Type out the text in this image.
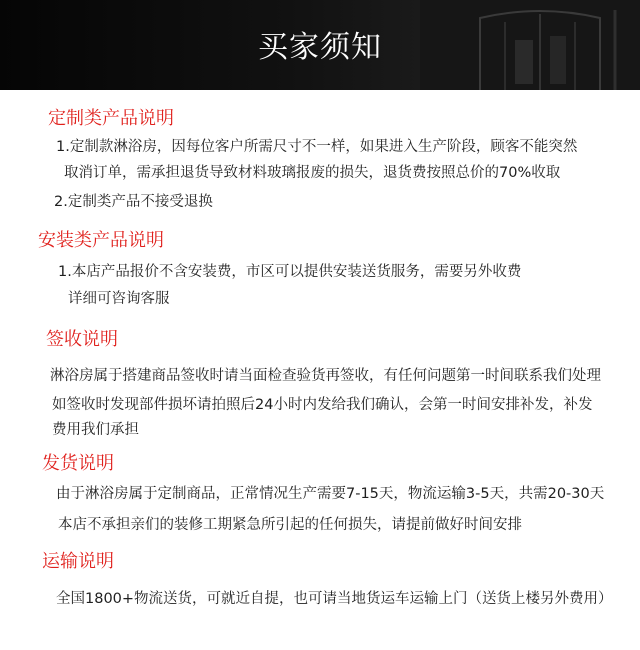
买家须知
定制类产品说明
1.定制款淋浴房，因每位客户所需尺寸不一样，如果进入生产阶段，顾客不能突然
取消订单，需承担退货导致材料玻璃报废的损失，退货费按照总价的70%收取
2.定制类产品不接受退换
安装类产品说明
1.本店产品报价不含安装费，市区可以提供安装送货服务，需要另外收费
详细可咨询客服
签收说明
淋浴房属于搭建商品签收时请当面检查验货再签收，有任何问题第一时间联系我们处理
如签收时发现部件损坏请拍照后24小时内发给我们确认，会第一时间安排补发，补发
费用我们承担
发货说明
由于淋浴房属于定制商品，正常情况生产需要7-15天，物流运输3-5天，共需20-30天
本店不承担亲们的装修工期紧急所引起的任何损失，请提前做好时间安排
运输说明
全国1800+物流送货，可就近自提，也可请当地货运车运输上门（送货上楼另外费用）
